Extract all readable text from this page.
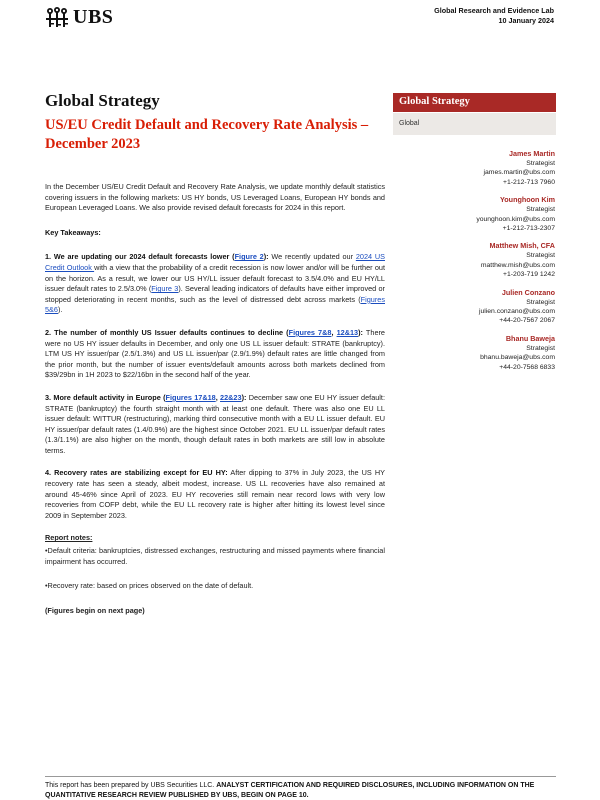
UBS	Global Research and Evidence Lab
10 January 2024
Global Strategy
US/EU Credit Default and Recovery Rate Analysis – December 2023

In the December US/EU Credit Default and Recovery Rate Analysis, we update monthly default statistics covering issuers in the following markets: US HY bonds, US Leveraged Loans, European HY bonds and European Leveraged Loans. We also provide revised default forecasts for 2024 in this report.

Key Takeaways:

1. We are updating our 2024 default forecasts lower (Figure 2): We recently updated our 2024 US Credit Outlook with a view that the probability of a credit recession is now lower and/or will be further out on the horizon. As a result, we lower our US HY/LL issuer default forecast to 3.5/4.0% and EU HY/LL issuer default rates to 2.5/3.0% (Figure 3). Several leading indicators of defaults have either improved or stopped deteriorating in recent months, such as the level of distressed debt across markets (Figures 5&6).

2. The number of monthly US Issuer defaults continues to decline (Figures 7&8, 12&13): There were no US HY issuer defaults in December, and only one US LL issuer default: STRATE (bankruptcy). LTM US HY issuer/par (2.5/1.3%) and US LL issuer/par (2.9/1.9%) default rates are little changed from the prior month, but the number of issuer events/default amounts across both markets declined from $39/29bn in 1H 2023 to $22/16bn in the second half of the year.

3. More default activity in Europe (Figures 17&18, 22&23): December saw one EU HY issuer default: STRATE (bankruptcy) the fourth straight month with at least one default. There was also one EU LL issuer default: WITTUR (restructuring), marking third consecutive month with a EU LL issuer default. EU HY issuer/par default rates (1.4/0.9%) are the highest since October 2021. EU LL issuer/par default rates (1.3/1.1%) are also higher on the month, though default rates in both markets are still low in absolute terms.

4. Recovery rates are stabilizing except for EU HY: After dipping to 37% in July 2023, the US HY recovery rate has seen a steady, albeit modest, increase. US LL recoveries have also remained at around 45-46% since April of 2023. EU HY recoveries still remain near record lows with very low recoveries from COFP debt, while the EU LL recovery rate is higher after hitting its lowest level since 2009 in September 2023.

Report notes:

•Default criteria: bankruptcies, distressed exchanges, restructuring and missed payments where financial impairment has occurred.

•Recovery rate: based on prices observed on the date of default.

(Figures begin on next page)

Global Strategy
Global
James Martin
Strategist
james.martin@ubs.com
+1-212-713 7960
Younghoon Kim
Strategist
younghoon.kim@ubs.com
+1-212-713-2307
Matthew Mish, CFA
Strategist
matthew.mish@ubs.com
+1-203-719 1242
Julien Conzano
Strategist
julien.conzano@ubs.com
+44-20-7567 2067
Bhanu Baweja
Strategist
bhanu.baweja@ubs.com
+44-20-7568 6833
This report has been prepared by UBS Securities LLC. ANALYST CERTIFICATION AND REQUIRED DISCLOSURES, INCLUDING INFORMATION ON THE QUANTITATIVE RESEARCH REVIEW PUBLISHED BY UBS, BEGIN ON PAGE 10.
